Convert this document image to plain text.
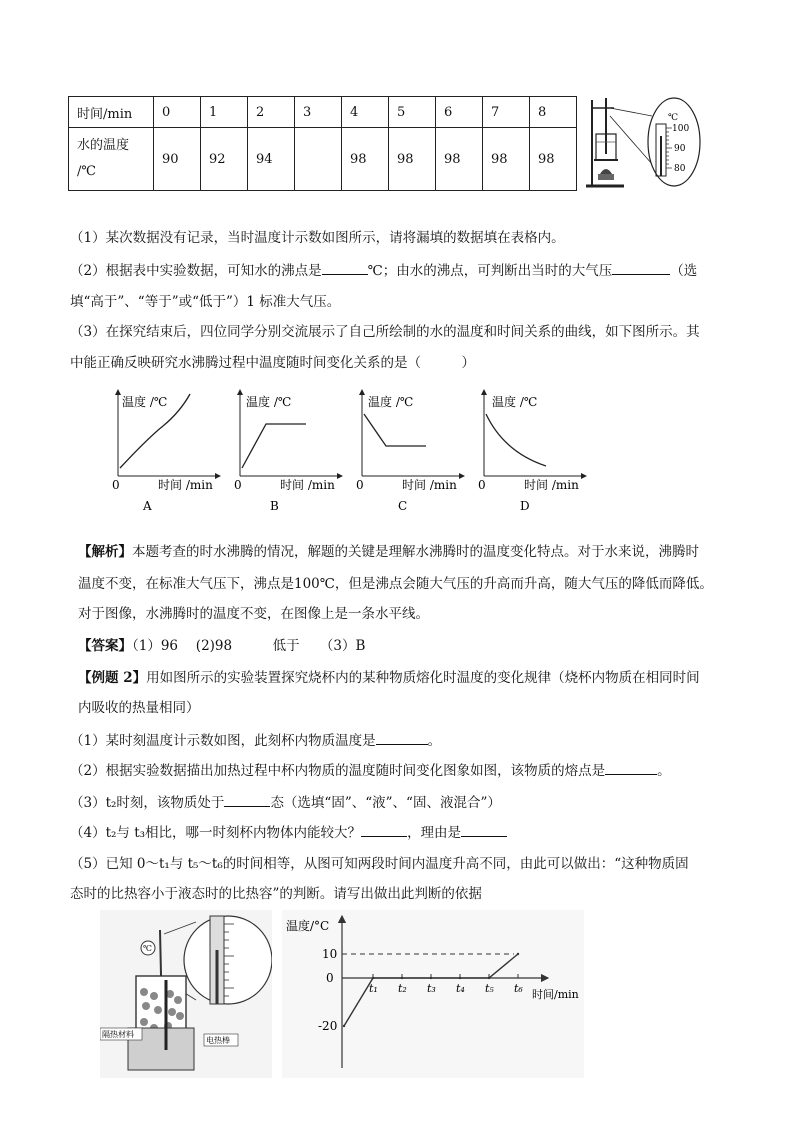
时间/min	0	1	2	3	4	5	6	7	8
水的温度
/℃	90	92	94		98	98	98	98	98
℃
100
90
80
（1）某次数据没有记录，当时温度计示数如图所示，请将漏填的数据填在表格内。
（2）根据表中实验数据，可知水的沸点是	℃；由水的沸点，可判断出当时的大气压	（选
填“高于”、“等于”或“低于”）1 标准大气压。
（3）在探究结束后，四位同学分别交流展示了自己所绘制的水的温度和时间关系的曲线，如下图所示。其
中能正确反映研究水沸腾过程中温度随时间变化关系的是（　　　）
温度 /℃
0	时间 /min
A
温度 /℃
0	时间 /min
B
温度 /℃
0	时间 /min
C
温度 /℃
0	时间 /min
D
【解析】本题考查的时水沸腾的情况，解题的关键是理解水沸腾时的温度变化特点。对于水来说，沸腾时
温度不变，在标准大气压下，沸点是100℃，但是沸点会随大气压的升高而升高，随大气压的降低而降低。
对于图像，水沸腾时的温度不变，在图像上是一条水平线。
【答案】（1）96　 (2)98　　　低于　　（3）B
【例题 2】用如图所示的实验装置探究烧杯内的某种物质熔化时温度的变化规律（烧杯内物质在相同时间
内吸收的热量相同）
（1）某时刻温度计示数如图，此刻杯内物质温度是	。
（2）根据实验数据描出加热过程中杯内物质的温度随时间变化图象如图，该物质的熔点是	。
（3）t₂时刻，该物质处于	态（选填“固”、“液”、“固、液混合”）
（4）t₂与 t₃相比，哪一时刻杯内物体内能较大？	，理由是
（5）已知 0～t₁与 t₅～t₆的时间相等，从图可知两段时间内温度升高不同，由此可以做出：“这种物质固
态时的比热容小于液态时的比热容”的判断。请写出做出此判断的依据
℃
隔热材料
电热棒
温度/°C
时间/min
10
0
-20
t₁ t₂ t₃ t₄ t₅ t₆
